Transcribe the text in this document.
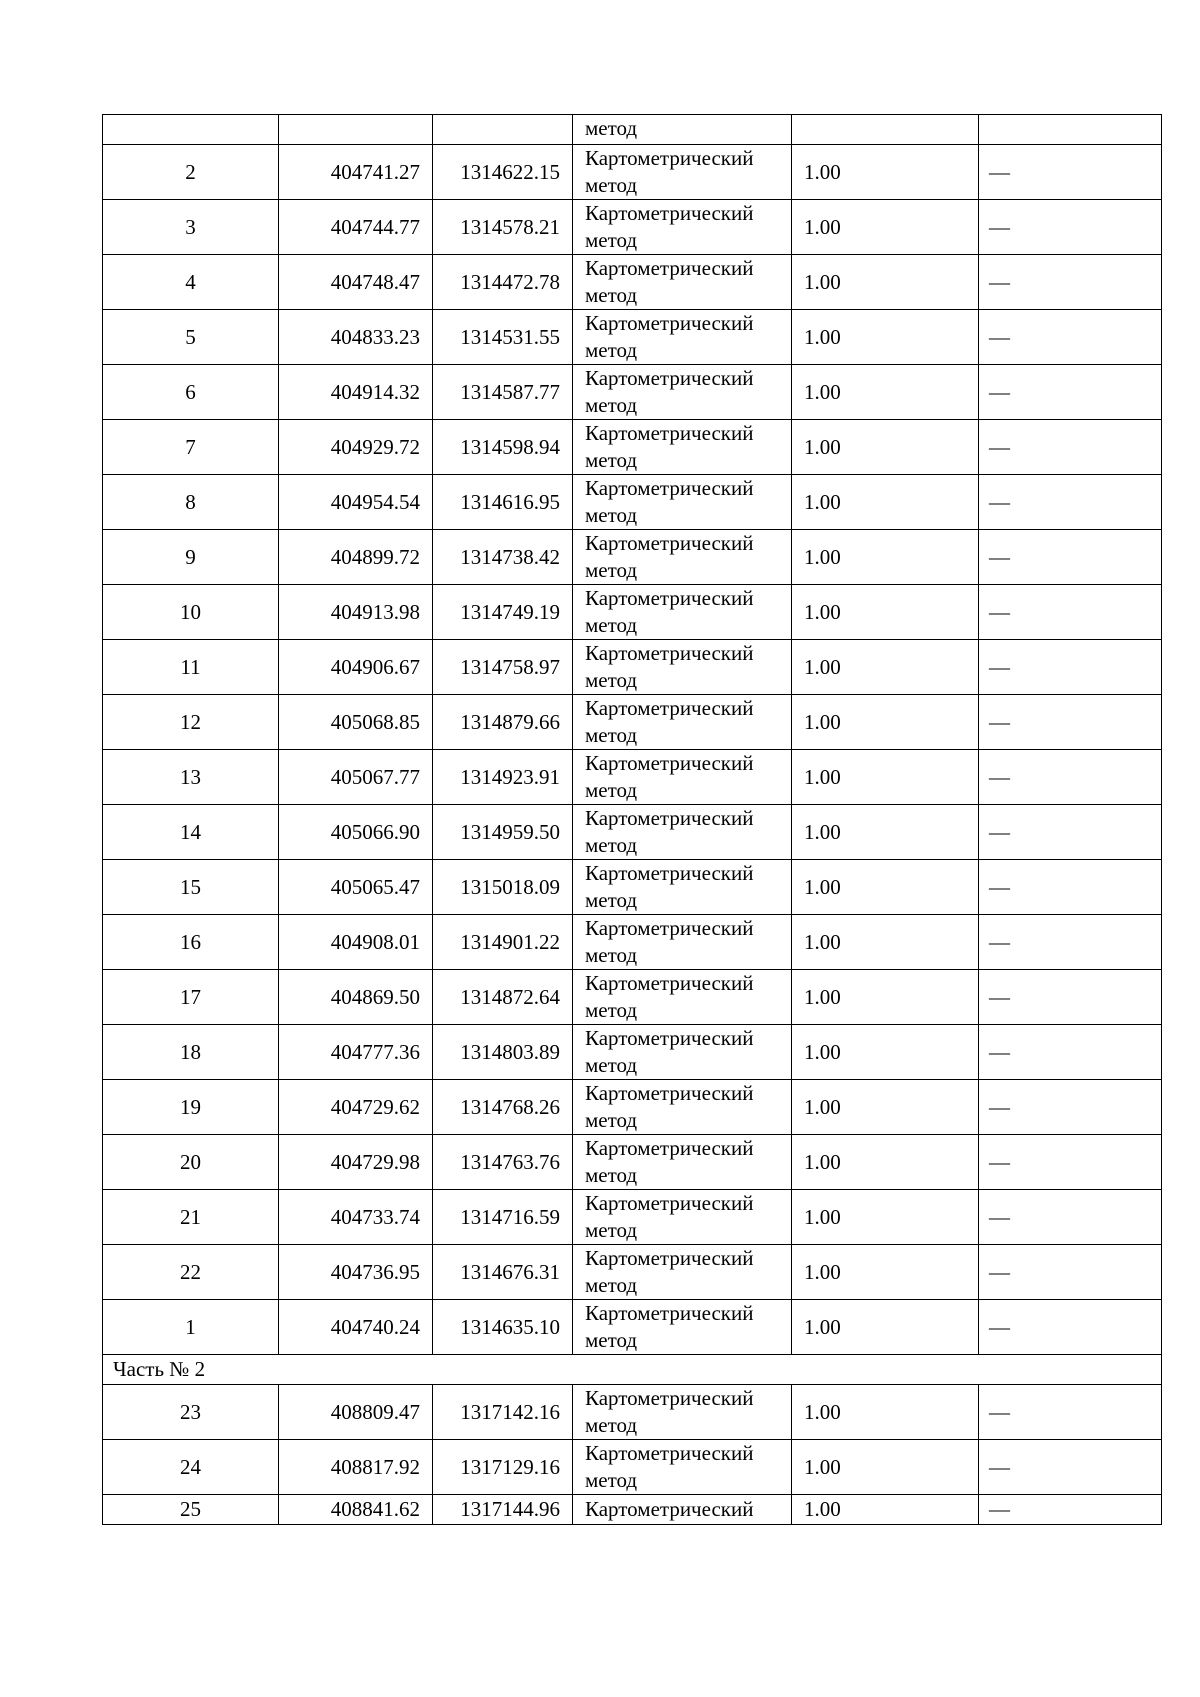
			метод		

2	404741.27	1314622.15	Картометрический
метод	1.00	—
3	404744.77	1314578.21	Картометрический
метод	1.00	—
4	404748.47	1314472.78	Картометрический
метод	1.00	—
5	404833.23	1314531.55	Картометрический
метод	1.00	—
6	404914.32	1314587.77	Картометрический
метод	1.00	—
7	404929.72	1314598.94	Картометрический
метод	1.00	—
8	404954.54	1314616.95	Картометрический
метод	1.00	—
9	404899.72	1314738.42	Картометрический
метод	1.00	—
10	404913.98	1314749.19	Картометрический
метод	1.00	—
11	404906.67	1314758.97	Картометрический
метод	1.00	—
12	405068.85	1314879.66	Картометрический
метод	1.00	—
13	405067.77	1314923.91	Картометрический
метод	1.00	—
14	405066.90	1314959.50	Картометрический
метод	1.00	—
15	405065.47	1315018.09	Картометрический
метод	1.00	—
16	404908.01	1314901.22	Картометрический
метод	1.00	—
17	404869.50	1314872.64	Картометрический
метод	1.00	—
18	404777.36	1314803.89	Картометрический
метод	1.00	—
19	404729.62	1314768.26	Картометрический
метод	1.00	—
20	404729.98	1314763.76	Картометрический
метод	1.00	—
21	404733.74	1314716.59	Картометрический
метод	1.00	—
22	404736.95	1314676.31	Картометрический
метод	1.00	—
1	404740.24	1314635.10	Картометрический
метод	1.00	—
Часть № 2					
23	408809.47	1317142.16	Картометрический
метод	1.00	—
24	408817.92	1317129.16	Картометрический
метод	1.00	—
25	408841.62	1317144.96	Картометрический	1.00	—
